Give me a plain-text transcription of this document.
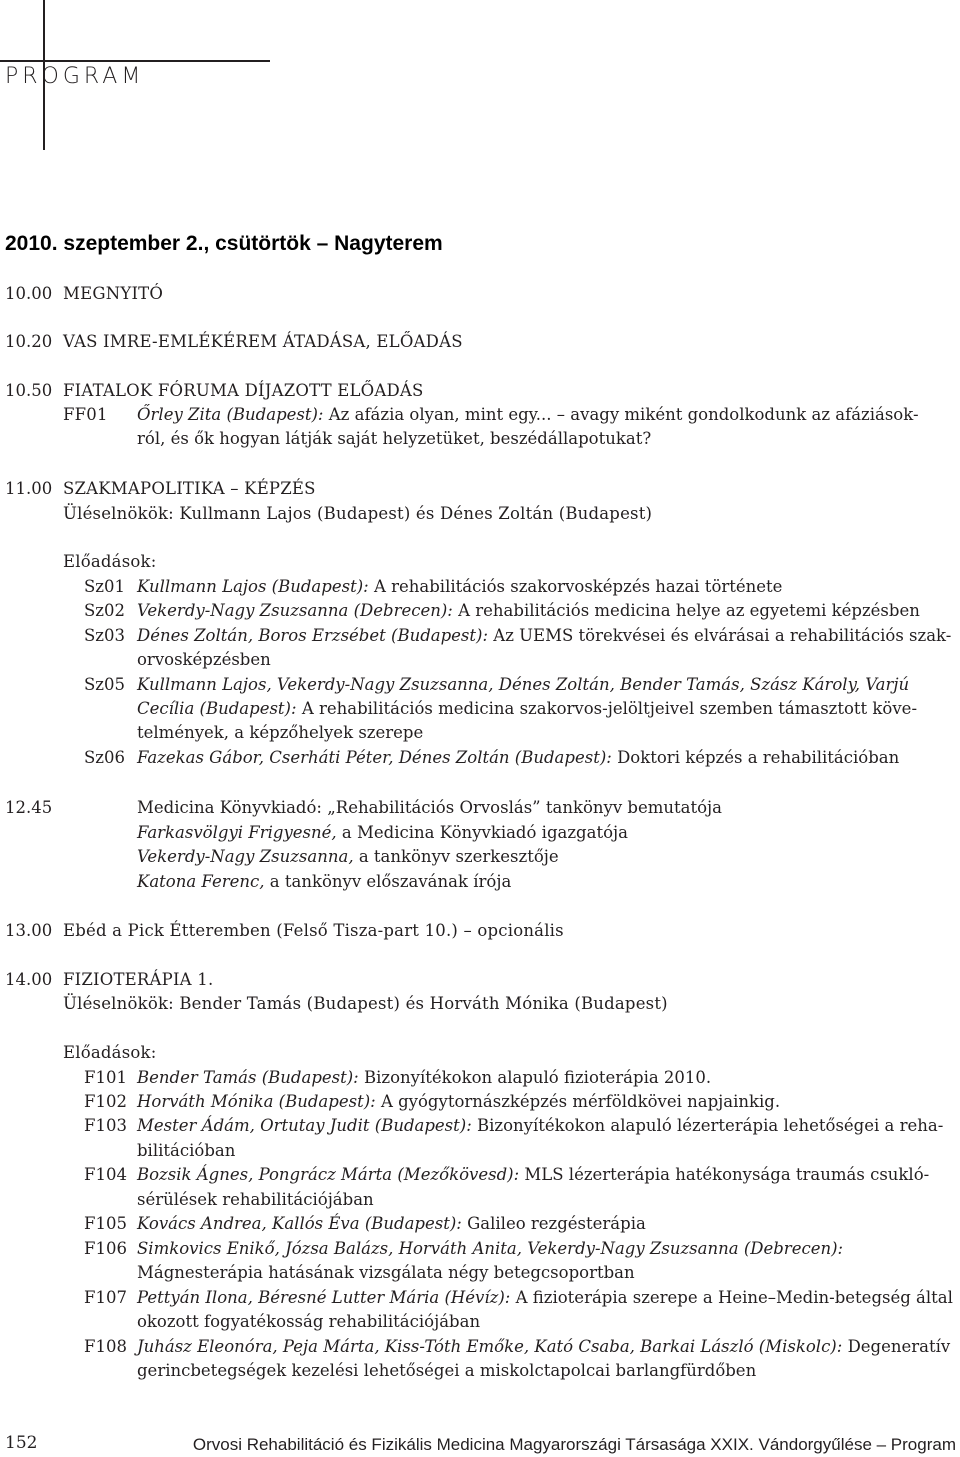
PROGRAM
2010. szeptember 2., csütörtök – Nagyterem
10.00 MEGNYITÓ
10.20 VAS IMRE-EMLÉKÉREM ÁTADÁSA, ELŐADÁS
10.50 FIATALOK FÓRUMA DÍJAZOTT ELŐADÁS
FF01 Őrley Zita (Budapest): Az afázia olyan, mint egy... – avagy miként gondolkodunk az afáziások-
ról, és ők hogyan látják saját helyzetüket, beszédállapotukat?
11.00 SZAKMAPOLITIKA – KÉPZÉS
Üléselnökök: Kullmann Lajos (Budapest) és Dénes Zoltán (Budapest)
Előadások:
Sz01 Kullmann Lajos (Budapest): A rehabilitációs szakorvosképzés hazai története
Sz02 Vekerdy-Nagy Zsuzsanna (Debrecen): A rehabilitációs medicina helye az egyetemi képzésben
Sz03 Dénes Zoltán, Boros Erzsébet (Budapest): Az UEMS törekvései és elvárásai a rehabilitációs szak-
orvosképzésben
Sz05 Kullmann Lajos, Vekerdy-Nagy Zsuzsanna, Dénes Zoltán, Bender Tamás, Szász Károly, Varjú
Cecília (Budapest): A rehabilitációs medicina szakorvos-jelöltjeivel szemben támasztott köve-
telmények, a képzőhelyek szerepe
Sz06 Fazekas Gábor, Cserháti Péter, Dénes Zoltán (Budapest): Doktori képzés a rehabilitációban
12.45	Medicina Könyvkiadó: „Rehabilitációs Orvoslás” tankönyv bemutatója
Farkasvölgyi Frigyesné, a Medicina Könyvkiadó igazgatója
Vekerdy-Nagy Zsuzsanna, a tankönyv szerkesztője
Katona Ferenc, a tankönyv előszavának írója
13.00 Ebéd a Pick Étteremben (Felső Tisza-part 10.) – opcionális
14.00 FIZIOTERÁPIA 1.
Üléselnökök: Bender Tamás (Budapest) és Horváth Mónika (Budapest)
Előadások:
F101 Bender Tamás (Budapest): Bizonyítékokon alapuló fizioterápia 2010.
F102 Horváth Mónika (Budapest): A gyógytornászképzés mérföldkövei napjainkig.
F103 Mester Ádám, Ortutay Judit (Budapest): Bizonyítékokon alapuló lézerterápia lehetőségei a reha-
bilitációban
F104 Bozsik Ágnes, Pongrácz Márta (Mezőkövesd): MLS lézerterápia hatékonysága traumás csukló-
sérülések rehabilitációjában
F105 Kovács Andrea, Kallós Éva (Budapest): Galileo rezgésterápia
F106 Simkovics Enikő, Józsa Balázs, Horváth Anita, Vekerdy-Nagy Zsuzsanna (Debrecen):
Mágnesterápia hatásának vizsgálata négy betegcsoportban
F107 Pettyán Ilona, Béresné Lutter Mária (Hévíz): A fizioterápia szerepe a Heine–Medin-betegség által
okozott fogyatékosság rehabilitációjában
F108 Juhász Eleonóra, Peja Márta, Kiss-Tóth Emőke, Kató Csaba, Barkai László (Miskolc): Degeneratív
gerincbetegségek kezelési lehetőségei a miskolctapolcai barlangfürdőben
152	Orvosi Rehabilitáció és Fizikális Medicina Magyarországi Társasága XXIX. Vándorgyűlése – Program
